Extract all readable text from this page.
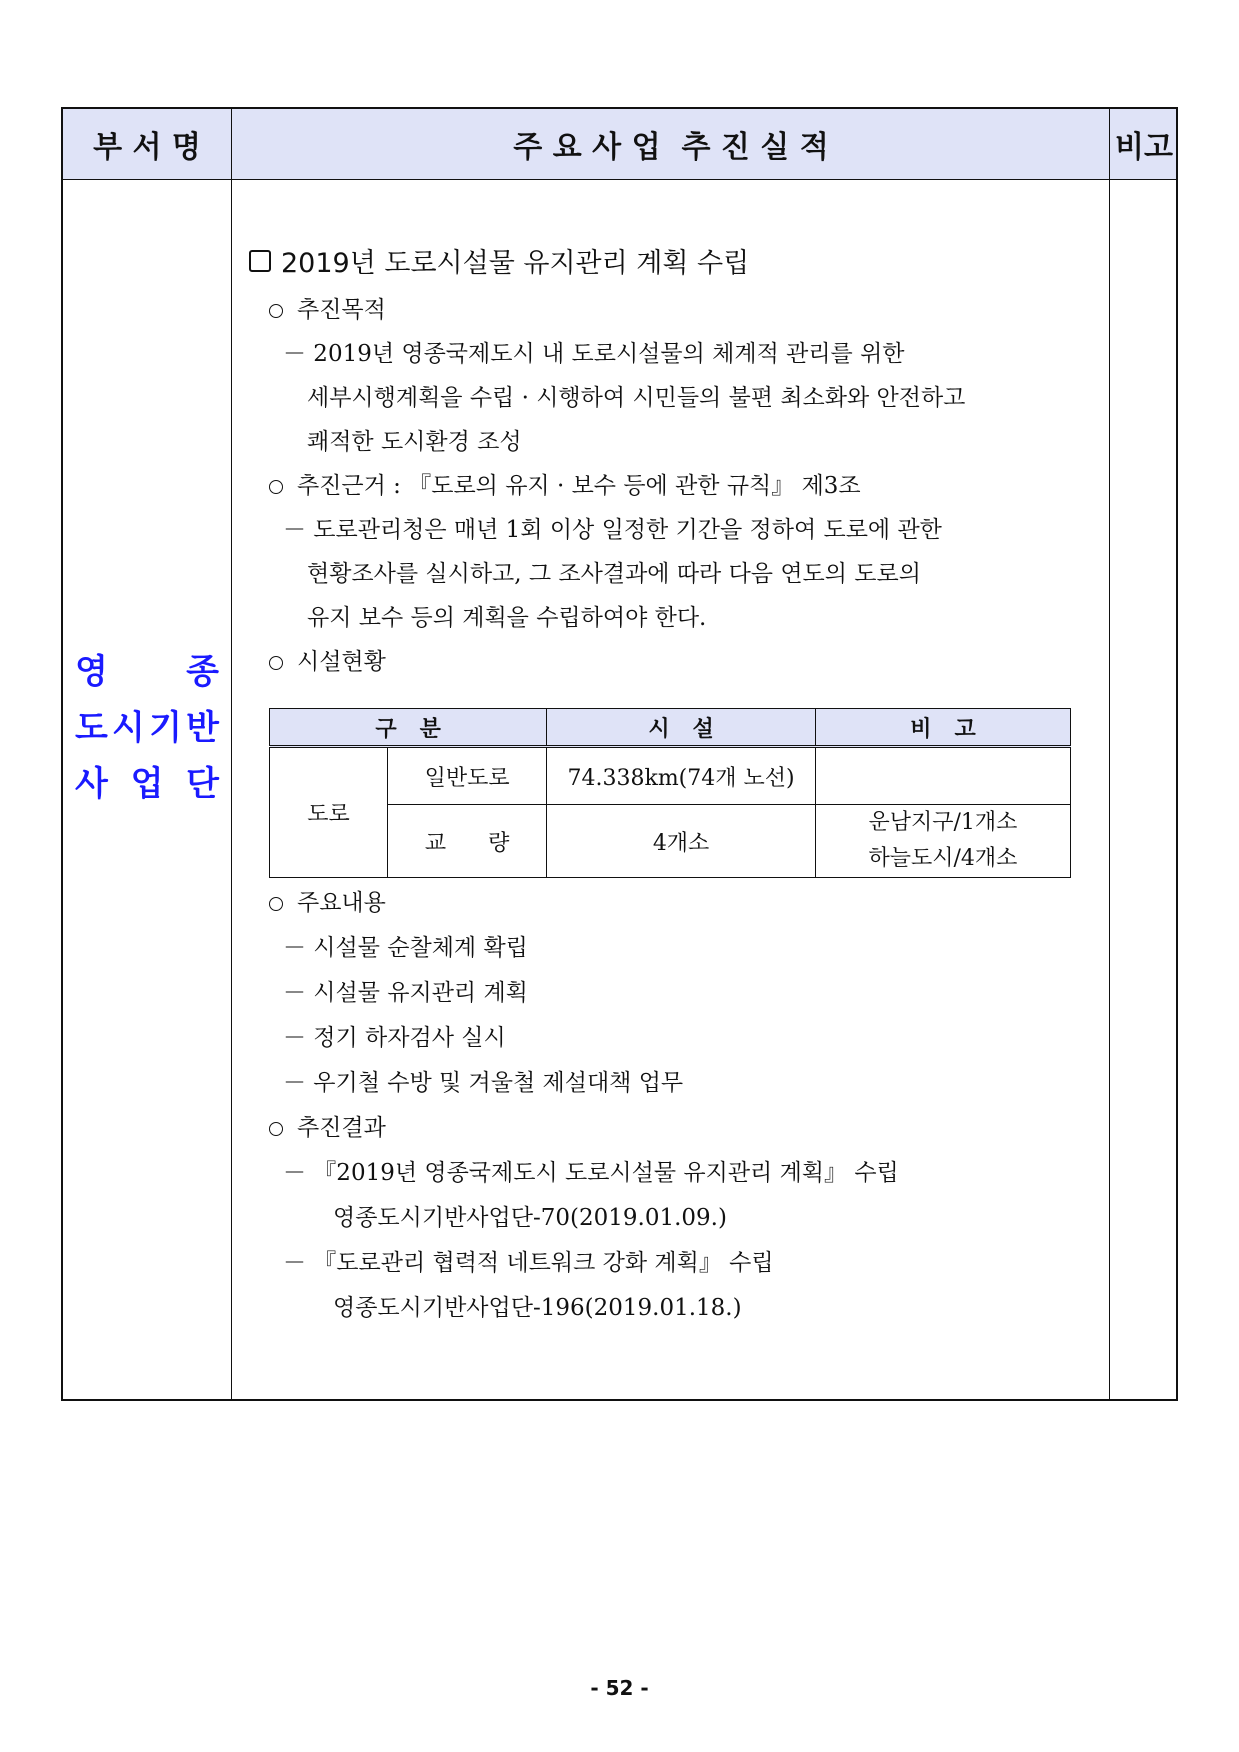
부 서 명	주 요 사 업  추 진 실 적	비고
영 종
도 시 기 반
사 업 단
2019년 도로시설물 유지관리 계획 수립
추진목적
－ 2019년 영종국제도시 내 도로시설물의 체계적 관리를 위한
세부시행계획을 수립 · 시행하여 시민들의 불편 최소화와 안전하고
쾌적한 도시환경 조성
추진근거 : 『도로의 유지 · 보수 등에 관한 규칙』 제3조
－ 도로관리청은 매년 1회 이상 일정한 기간을 정하여 도로에 관한
현황조사를 실시하고, 그 조사결과에 따라 다음 연도의 도로의
유지 보수 등의 계획을 수립하여야 한다.
시설현황
구   분		시   설	비   고
도로	일반도로	74.338km(74개 노선)	
	교      량	4개소	운남지구/1개소
하늘도시/4개소
주요내용
－ 시설물 순찰체계 확립
－ 시설물 유지관리 계획
－ 정기 하자검사 실시
－ 우기철 수방 및 겨울철 제설대책 업무
추진결과
－ 『2019년 영종국제도시 도로시설물 유지관리 계획』 수립
영종도시기반사업단-70(2019.01.09.)
－ 『도로관리 협력적 네트워크 강화 계획』 수립
영종도시기반사업단-196(2019.01.18.)
- 52 -
